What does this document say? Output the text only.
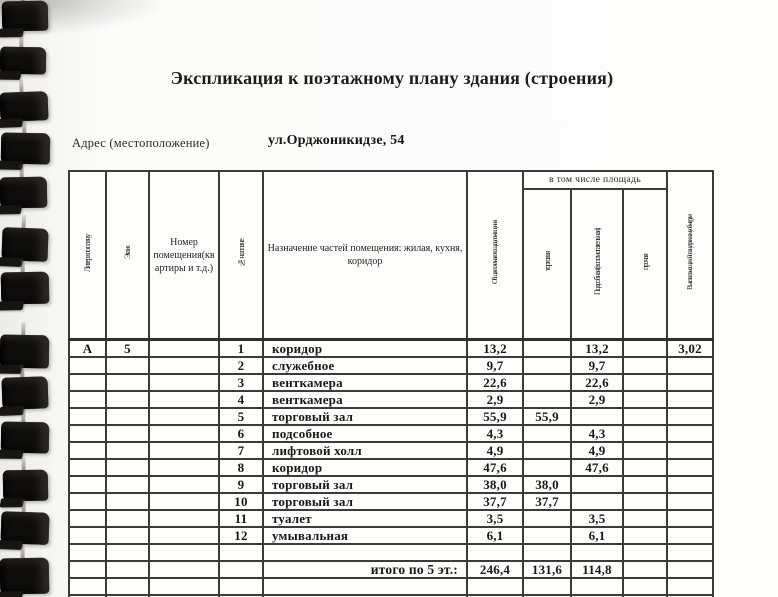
Экспликация к поэтажному плану здания (строения)
Адрес (местоположение)	ул.Орджоникидзе, 54
Литера по плану	Этаж	Номер помещения(кв артиры и т.д.)	№ на плане	Назначение частей помещения: жилая, кухня, коридор	Общая полезная площадь помещения	в том числе площадь			Высота помещений по внутреннему обмеру, м
						торговая	Подсобная (вспомогательная)	прочая	
А	5		1	коридор	13,2		13,2		3,02
			2	служебное	9,7		9,7		
			3	венткамера	22,6		22,6		
			4	венткамера	2,9		2,9		
			5	торговый зал	55,9	55,9			
			6	подсобное	4,3		4,3		
			7	лифтовой холл	4,9		4,9		
			8	коридор	47,6		47,6		
			9	торговый зал	38,0	38,0			
			10	торговый зал	37,7	37,7			
			11	туалет	3,5		3,5		
			12	умывальная	6,1		6,1		

				итого по 5 эт.:	246,4	131,6	114,8		
